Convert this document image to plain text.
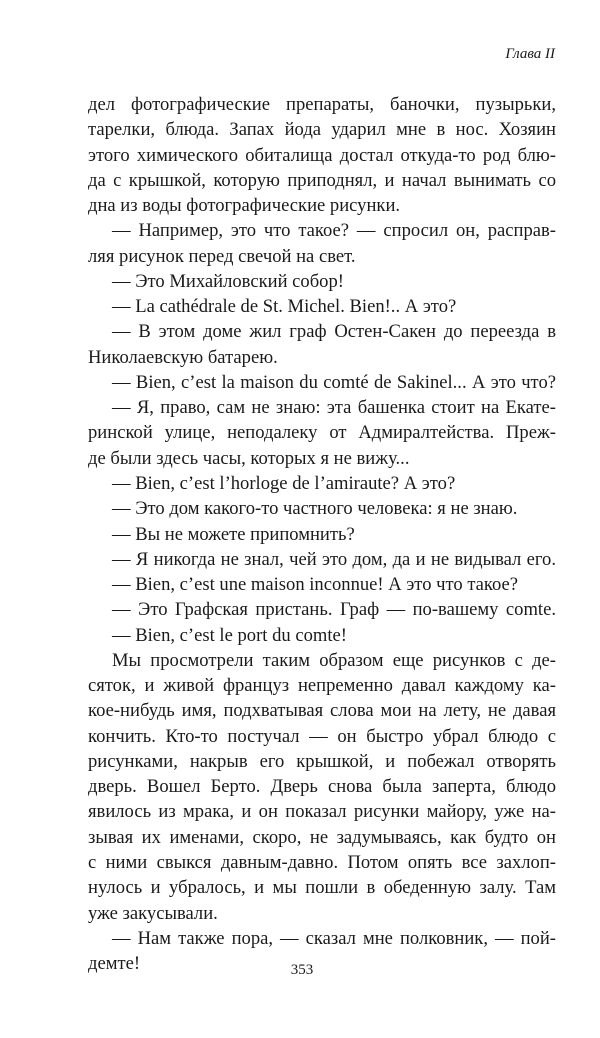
Глава II
дел фотографические препараты, баночки, пузырьки,
тарелки, блюда. Запах йода ударил мне в нос. Хозяин
этого химического обиталища достал откуда-то род блю-
да с крышкой, которую приподнял, и начал вынимать со
дна из воды фотографические рисунки.
— Например, это что такое? — спросил он, расправ-
ляя рисунок перед свечой на свет.
— Это Михайловский собор!
— La cathédrale de St. Michel. Bien!.. А это?
— В этом доме жил граф Остен-Сакен до переезда в
Николаевскую батарею.
— Bien, c’est la maison du comté de Sakinel... А это что?
— Я, право, сам не знаю: эта башенка стоит на Екате-
ринской улице, неподалеку от Адмиралтейства. Преж-
де были здесь часы, которых я не вижу...
— Bien, c’est l’horloge de l’amiraute? А это?
— Это дом какого-то частного человека: я не знаю.
— Вы не можете припомнить?
— Я никогда не знал, чей это дом, да и не видывал его.
— Bien, c’est une maison inconnue! А это что такое?
— Это Графская пристань. Граф — по-вашему comte.
— Bien, c’est le port du comte!
Мы просмотрели таким образом еще рисунков с де-
сяток, и живой француз непременно давал каждому ка-
кое-нибудь имя, подхватывая слова мои на лету, не давая
кончить. Кто-то постучал — он быстро убрал блюдо с
рисунками, накрыв его крышкой, и побежал отворять
дверь. Вошел Берто. Дверь снова была заперта, блюдо
явилось из мрака, и он показал рисунки майору, уже на-
зывая их именами, скоро, не задумываясь, как будто он
с ними свыкся давным-давно. Потом опять все захлоп-
нулось и убралось, и мы пошли в обеденную залу. Там
уже закусывали.
— Нам также пора, — сказал мне полковник, — пой-
демте!	353
